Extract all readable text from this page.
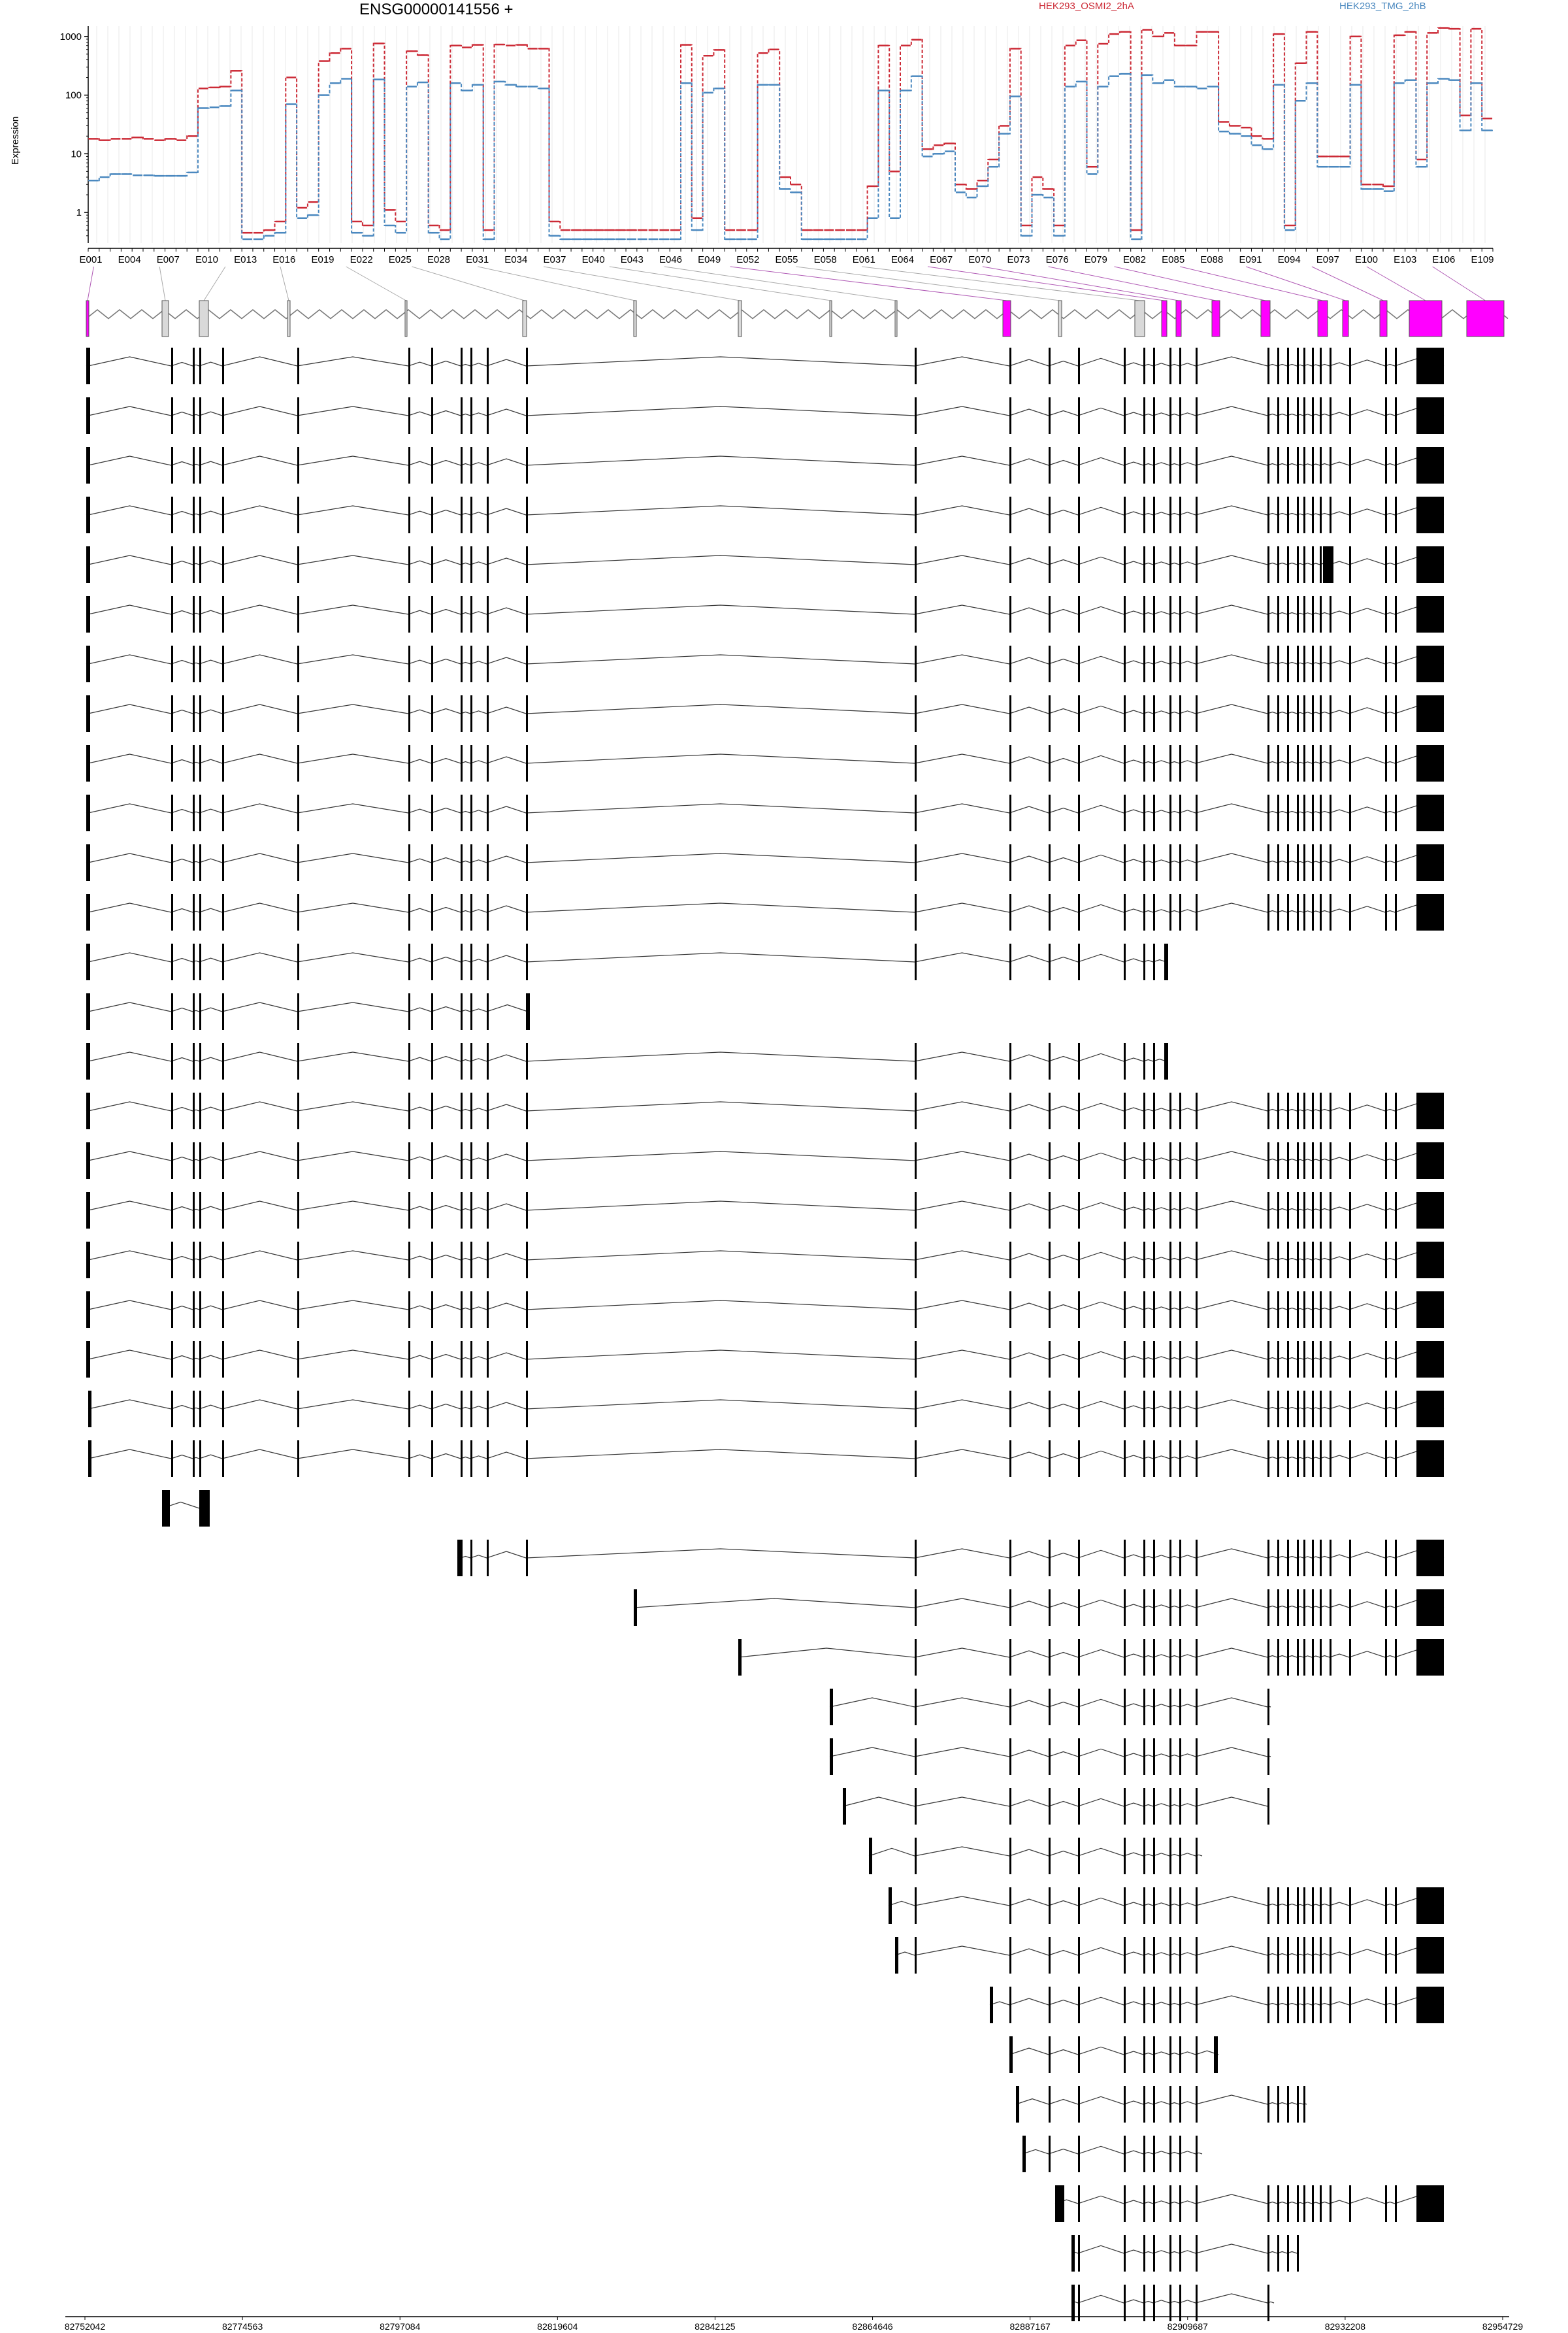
ENSG00000141556 +	HEK293_OSMI2_2hA	HEK293_TMG_2hB
Expression
1
10
100
1000
E001 E004 E007 E010 E013 E016 E019 E022 E025 E028 E031 E034 E037 E040 E043 E046 E049 E052 E055 E058 E061 E064 E067 E070 E073 E076 E079 E082 E085 E088 E091 E094 E097 E100 E103 E106 E109
82752042	82774563	82797084	82819604	82842125	82864646	82887167	82909687	82932208	82954729
